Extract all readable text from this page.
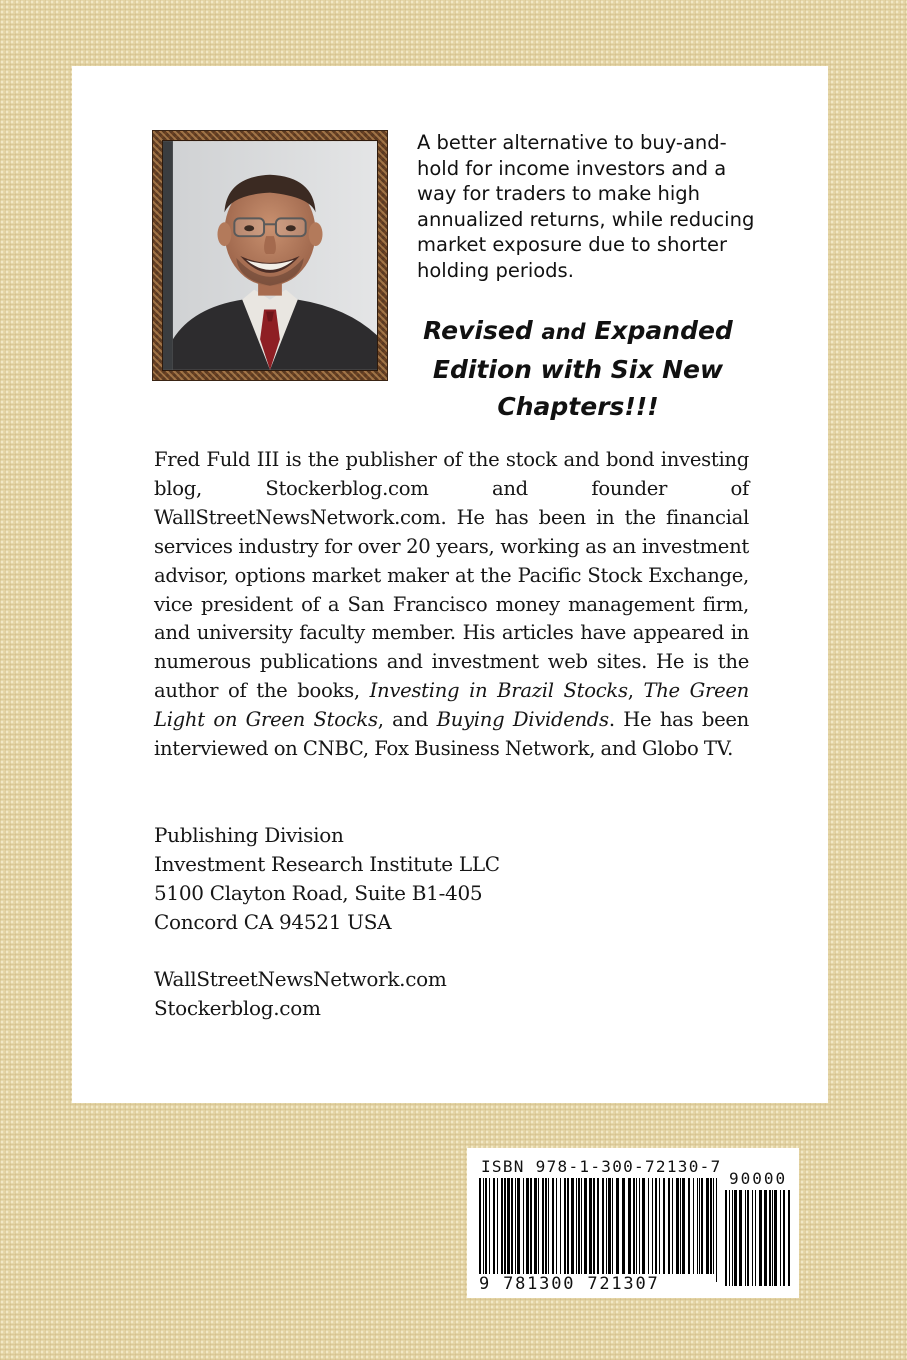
A better alternative to buy-and-hold for income investors and a way for traders to make high annualized returns, while reducing market exposure due to shorter holding periods.

Revised and Expanded Edition with Six New Chapters!!!

Fred Fuld III is the publisher of the stock and bond investing blog, Stockerblog.com and founder of WallStreetNewsNetwork.com. He has been in the financial services industry for over 20 years, working as an investment advisor, options market maker at the Pacific Stock Exchange, vice president of a San Francisco money management firm, and university faculty member. His articles have appeared in numerous publications and investment web sites. He is the author of the books, Investing in Brazil Stocks, The Green Light on Green Stocks, and Buying Dividends. He has been interviewed on CNBC, Fox Business Network, and Globo TV.

Publishing Division
Investment Research Institute LLC
5100 Clayton Road, Suite B1-405
Concord CA 94521 USA
WallStreetNewsNetwork.com
Stockerblog.com

ISBN 978-1-300-72130-7

90000

9 781300 721307
